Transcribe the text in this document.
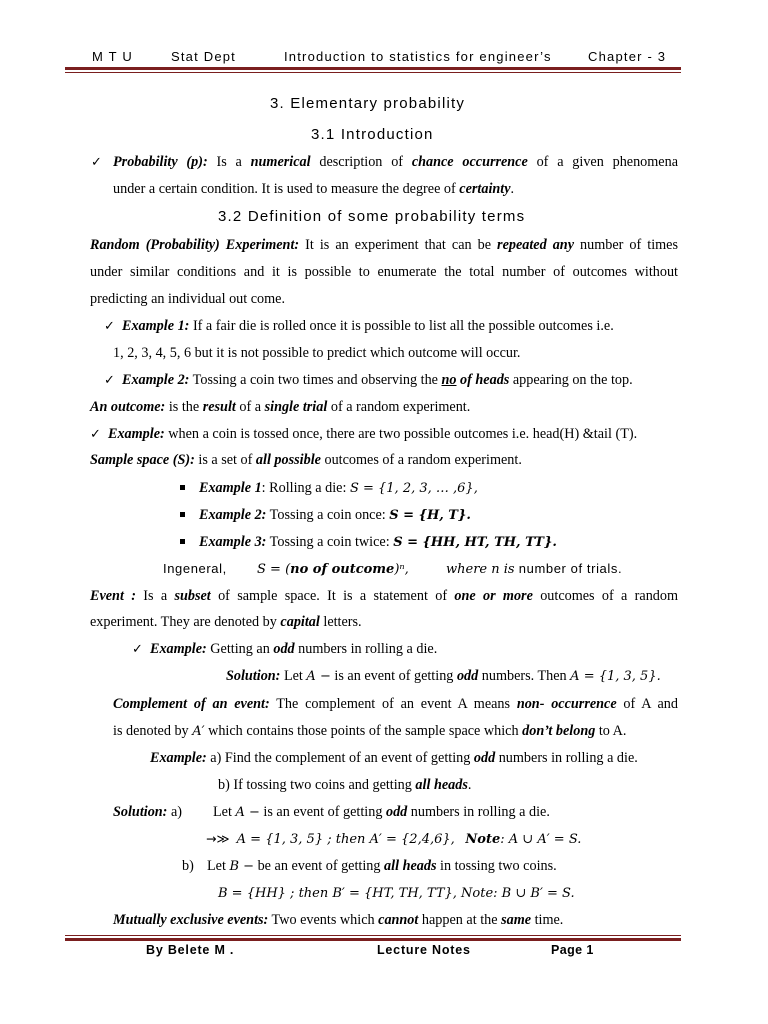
M T U	Stat Dept	Introduction to statistics for engineer’s	Chapter - 3
3. Elementary probability
3.1 Introduction
✓ Probability (p): Is a numerical description of chance occurrence of a given phenomena
under a certain condition. It is used to measure the degree of certainty.
3.2 Definition of some probability terms
Random (Probability) Experiment: It is an experiment that can be repeated any number of times
under similar conditions and it is possible to enumerate the total number of outcomes without
predicting an individual out come.
✓ Example 1: If a fair die is rolled once it is possible to list all the possible outcomes i.e.
1, 2, 3, 4, 5, 6 but it is not possible to predict which outcome will occur.
✓ Example 2: Tossing a coin two times and observing the no of heads appearing on the top.
An outcome: is the result of a single trial of a random experiment.
✓ Example: when a coin is tossed once, there are two possible outcomes i.e. head(H) &tail (T).
Sample space (S): is a set of all possible outcomes of a random experiment.
Example 1: Rolling a die: S = {1, 2, 3, … ,6},
Example 2: Tossing a coin once: S = {H, T}.
Example 3: Tossing a coin twice: S = {HH, HT, TH, TT}.
Ingeneral, S = (no of outcome)ⁿ,	where n is number of trials.
Event : Is a subset of sample space. It is a statement of one or more outcomes of a random
experiment. They are denoted by capital letters.
✓ Example: Getting an odd numbers in rolling a die.
Solution: Let A − is an event of getting odd numbers. Then A = {1, 3, 5}.
Complement of an event: The complement of an event A means non- occurrence of A and
is denoted by A′ which contains those points of the sample space which don’t belong to A.
Example: a) Find the complement of an event of getting odd numbers in rolling a die.
b) If tossing two coins and getting all heads.
Solution: a) Let A − is an event of getting odd numbers in rolling a die.
→≫ A = {1, 3, 5} ; then A′ = {2,4,6}, Note: A ∪ A′ = S.
b) Let B − be an event of getting all heads in tossing two coins.
B = {HH} ; then B′ = {HT, TH, TT}, Note: B ∪ B′ = S.
Mutually exclusive events: Two events which cannot happen at the same time.
By Belete M .	Lecture Notes	Page 1
